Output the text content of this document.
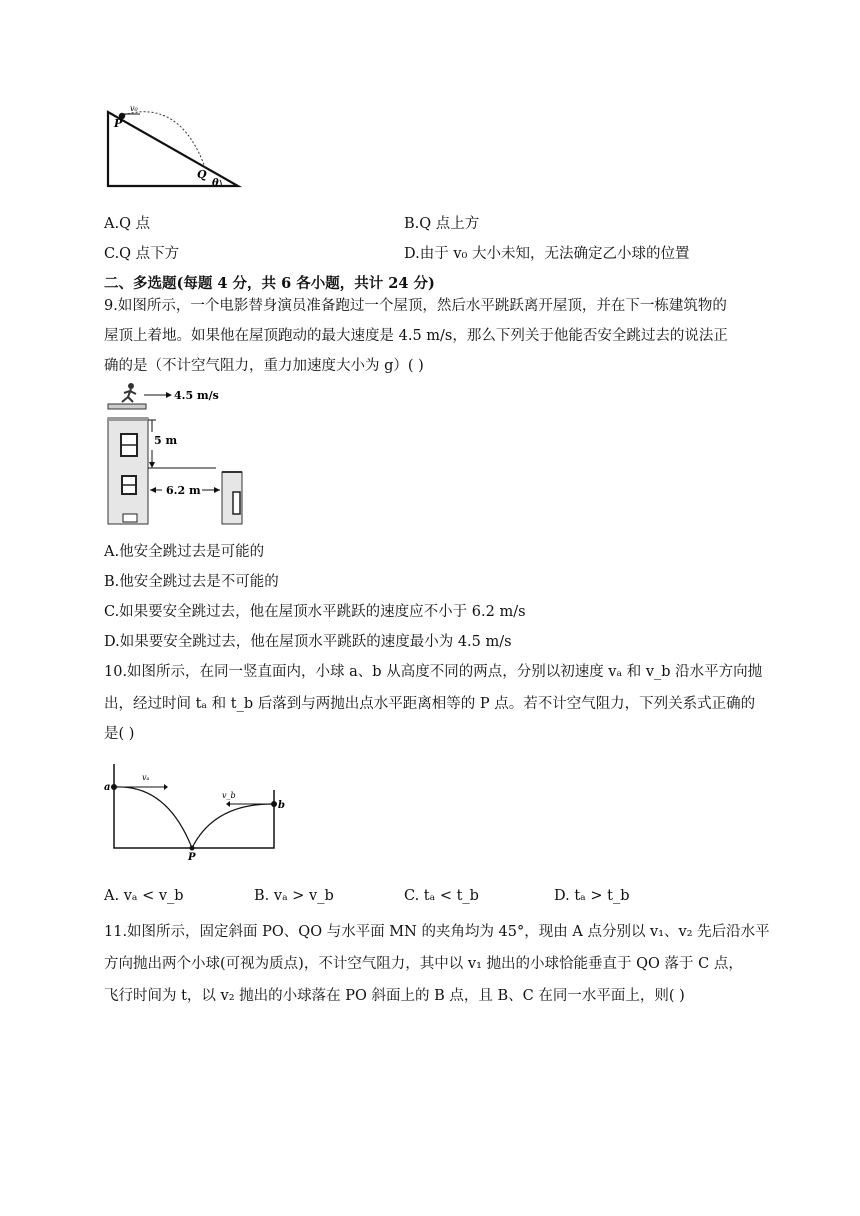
v₀
P
Q
θ
A.Q 点	B.Q 点上方
C.Q 点下方	D.由于 v₀ 大小未知，无法确定乙小球的位置
二、多选题(每题 4 分，共 6 各小题，共计 24 分)
9.如图所示，一个电影替身演员准备跑过一个屋顶，然后水平跳跃离开屋顶，并在下一栋建筑物的
屋顶上着地。如果他在屋顶跑动的最大速度是 4.5 m/s，那么下列关于他能否安全跳过去的说法正
确的是（不计空气阻力，重力加速度大小为 g）( )
4.5 m/s
5 m
6.2 m
A.他安全跳过去是可能的
B.他安全跳过去是不可能的
C.如果要安全跳过去，他在屋顶水平跳跃的速度应不小于 6.2 m/s
D.如果要安全跳过去，他在屋顶水平跳跃的速度最小为 4.5 m/s
10.如图所示，在同一竖直面内，小球 a、b 从高度不同的两点，分别以初速度 vₐ 和 v_b 沿水平方向抛
出，经过时间 tₐ 和 t_b 后落到与两抛出点水平距离相等的 P 点。若不计空气阻力，下列关系式正确的
是( )
a
vₐ
b
v_b
P
A. vₐ < v_b	B. vₐ > v_b	C. tₐ < t_b	D. tₐ > t_b
11.如图所示，固定斜面 PO、QO 与水平面 MN 的夹角均为 45°，现由 A 点分别以 v₁、v₂ 先后沿水平
方向抛出两个小球(可视为质点)，不计空气阻力，其中以 v₁ 抛出的小球恰能垂直于 QO 落于 C 点，
飞行时间为 t，以 v₂ 抛出的小球落在 PO 斜面上的 B 点，且 B、C 在同一水平面上，则( )
